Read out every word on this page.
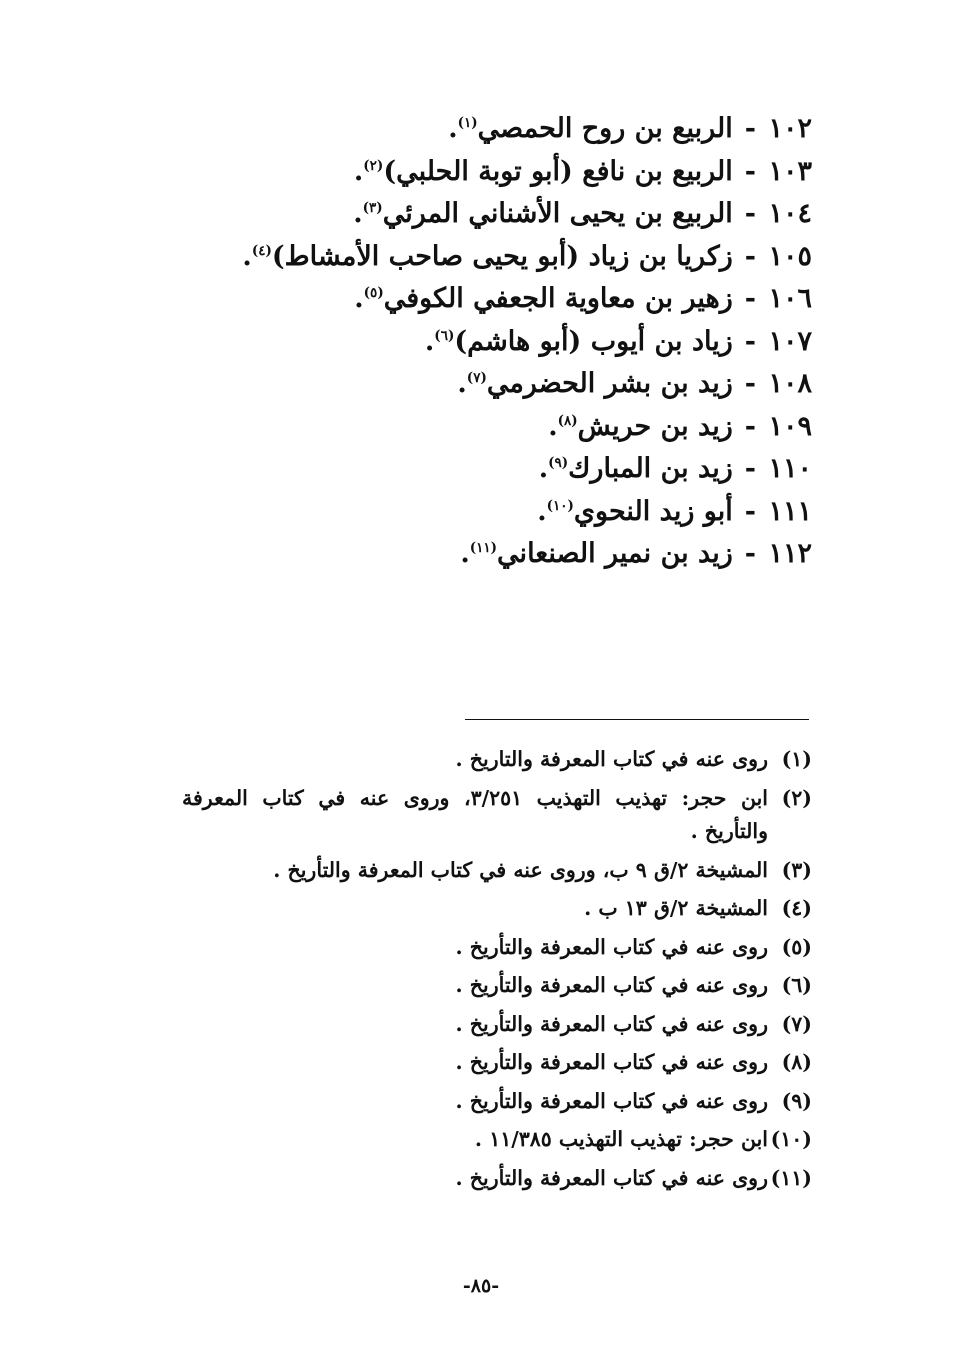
١٠٢-الربيع بن روح الحمصي$^{(١)}$.
١٠٣-الربيع بن نافع (أبو توبة الحلبي)$^{(٢)}$.
١٠٤-الربيع بن يحيى الأشناني المرئي$^{(٣)}$.
١٠٥-زكريا بن زياد (أبو يحيى صاحب الأمشاط)$^{(٤)}$.
١٠٦-زهير بن معاوية الجعفي الكوفي$^{(٥)}$.
١٠٧-زياد بن أيوب (أبو هاشم)$^{(٦)}$.
١٠٨-زيد بن بشر الحضرمي$^{(٧)}$.
١٠٩-زيد بن حريش$^{(٨)}$.
١١٠-زيد بن المبارك$^{(٩)}$.
١١١-أبو زيد النحوي$^{(١٠)}$.
١١٢-زيد بن نمير الصنعاني$^{(١١)}$.
(١)
روى عنه في كتاب المعرفة والتاريخ .
(٢)
ابن حجر: تهذيب التهذيب ٣/٢٥١، وروى عنه في كتاب المعرفة والتأريخ .
(٣)
المشيخة ٢/ق ٩ ب، وروى عنه في كتاب المعرفة والتأريخ .
(٤)
المشيخة ٢/ق ١٣ ب .
(٥)
روى عنه في كتاب المعرفة والتأريخ .
(٦)
روى عنه في كتاب المعرفة والتأريخ .
(٧)
روى عنه في كتاب المعرفة والتأريخ .
(٨)
روى عنه في كتاب المعرفة والتأريخ .
(٩)
روى عنه في كتاب المعرفة والتأريخ .
(١٠)
ابن حجر: تهذيب التهذيب ١١/٣٨٥ .
(١١)
روى عنه في كتاب المعرفة والتأريخ .
-٨٥-
